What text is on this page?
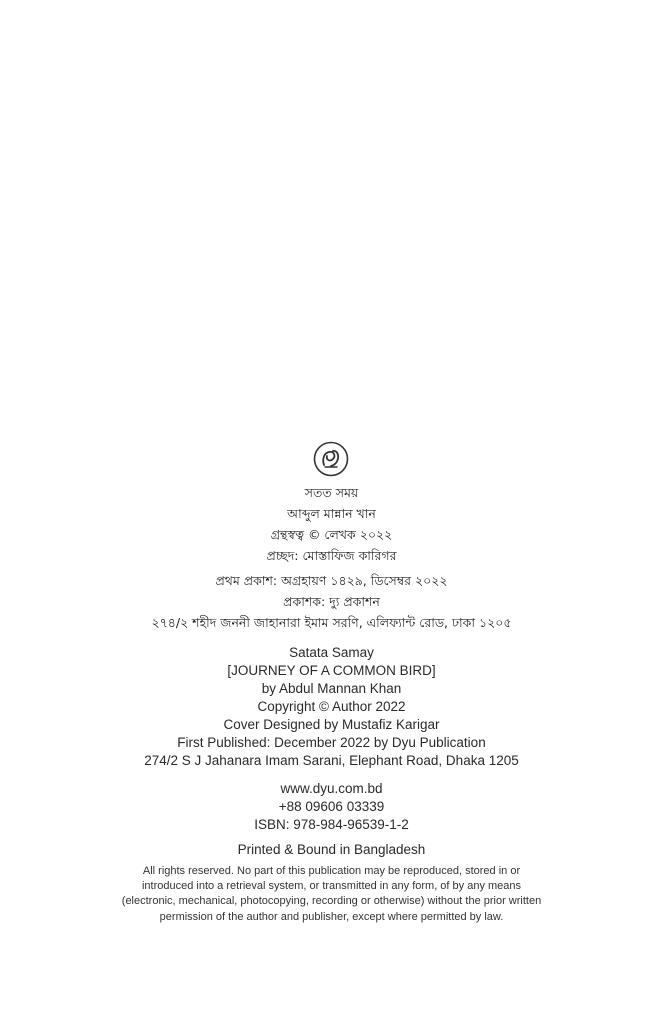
সতত সময়
আব্দুল মান্নান খান
গ্রন্থস্বত্ব © লেখক ২০২২
প্রচ্ছদ: মোস্তাফিজ কারিগর
প্রথম প্রকাশ: অগ্রহায়ণ ১৪২৯, ডিসেম্বর ২০২২
প্রকাশক: দ্যু প্রকাশন
২৭৪/২ শহীদ জননী জাহানারা ইমাম সরণি, এলিফ্যান্ট রোড, ঢাকা ১২০৫
Satata Samay
[JOURNEY OF A COMMON BIRD]
by Abdul Mannan Khan
Copyright © Author 2022
Cover Designed by Mustafiz Karigar
First Published: December 2022 by Dyu Publication
274/2 S J Jahanara Imam Sarani, Elephant Road, Dhaka 1205
www.dyu.com.bd
+88 09606 03339
ISBN: 978-984-96539-1-2
Printed & Bound in Bangladesh
All rights reserved. No part of this publication may be reproduced, stored in or
introduced into a retrieval system, or transmitted in any form, of by any means
(electronic, mechanical, photocopying, recording or otherwise) without the prior written
permission of the author and publisher, except where permitted by law.
